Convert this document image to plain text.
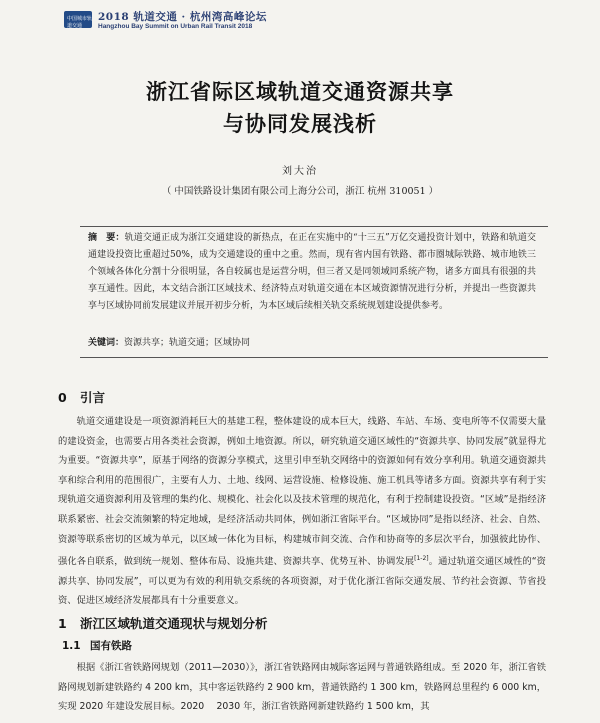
中国城市轨道交通
2018 轨道交通 · 杭州湾高峰论坛
Hangzhou Bay Summit on Urban Rail Transit 2018
浙江省际区域轨道交通资源共享
与协同发展浅析
刘大治
（ 中国铁路设计集团有限公司上海分公司，浙江 杭州 310051 ）
摘　要：轨道交通正成为浙江交通建设的新热点，在正在实施中的“十三五”万亿交通投资计划中，铁路和轨道交通建设投资比重超过50%，成为交通建设的重中之重。然而，现有省内国有铁路、都市圈城际铁路、城市地铁三个领域各体化分割十分很明显，各自较属也是运营分明，但三者又是同领域同系统产物，诸多方面具有很强的共享互通性。因此，本文结合浙江区域技术、经济特点对轨道交通在本区域资源情况进行分析，并提出一些资源共享与区域协同前发展建议并展开初步分析，为本区域后续相关轨交系统规划建设提供参考。
关键词：资源共享；轨道交通；区域协同
0 引言

轨道交通建设是一项资源消耗巨大的基建工程，整体建设的成本巨大，线路、车站、车场、变电所等不仅需要大量的建设资金，也需要占用各类社会资源，例如土地资源。所以，研究轨道交通区域性的“资源共享、协同发展”就显得尤为重要。“资源共享”，原基于网络的资源分享模式，这里引申至轨交网络中的资源如何有效分享利用。轨道交通资源共享和综合利用的范围很广，主要有人力、土地、线网、运营设施、检修设施、施工机具等诸多方面。资源共享有利于实现轨道交通资源利用及管理的集约化、规模化、社会化以及技术管理的规范化，有利于控制建设投资。“区域”是指经济联系紧密、社会交流频繁的特定地域，是经济活动共同体，例如浙江省际平台。“区域协同”是指以经济、社会、自然、资源等联系密切的区域为单元，以区域一体化为目标，构建城市间交流、合作和协商等的多层次平台，加强彼此协作、强化各自联系，做到统一规划、整体布局、设施共建、资源共享、优势互补、协调发展[1-2]。通过轨道交通区域性的“资源共享、协同发展”，可以更为有效的利用轨交系统的各项资源，对于优化浙江省际交通发展、节约社会资源、节省投资、促进区域经济发展都具有十分重要意义。

1 浙江区域轨道交通现状与规划分析
1.1 国有铁路

根据《浙江省铁路网规划（2011—2030）》，浙江省铁路网由城际客运网与普通铁路组成。至 2020 年，浙江省铁路网规划新建铁路约 4 200 km，其中客运铁路约 2 900 km，普通铁路约 1 300 km，铁路网总里程约 6 000 km，实现 2020 年建设发展目标。2020 　2030 年，浙江省铁路网新建铁路约 1 500 km，其
